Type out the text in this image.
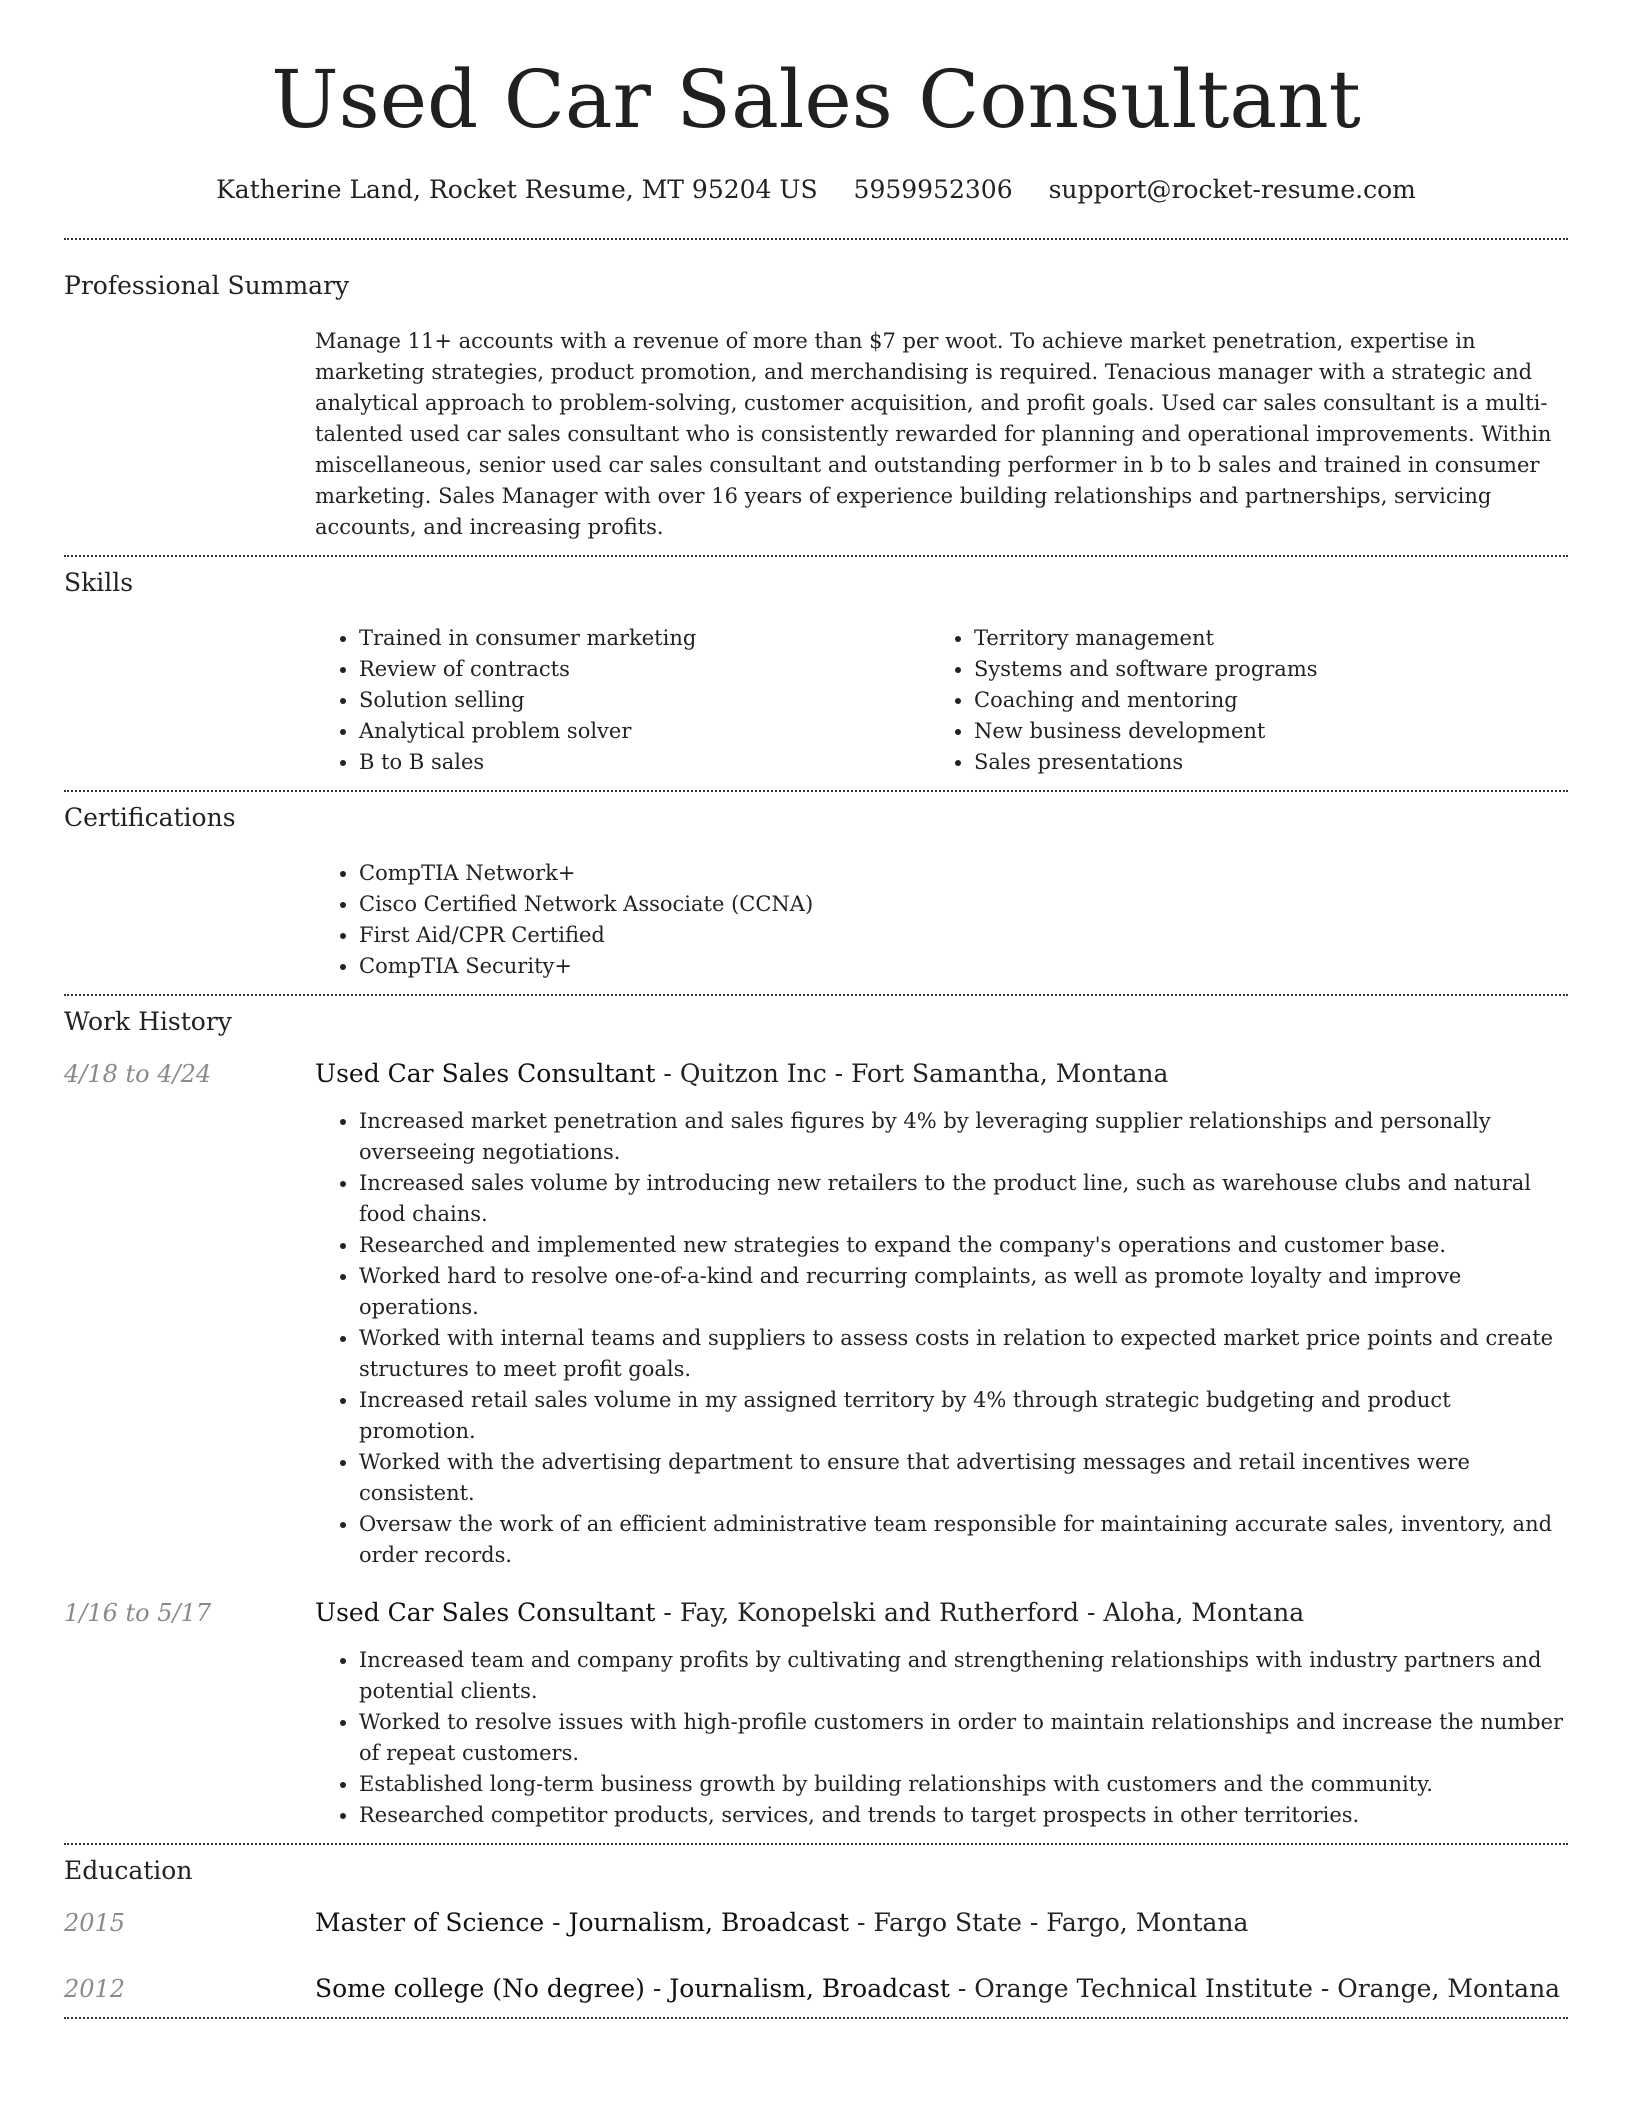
Used Car Sales Consultant
Katherine Land, Rocket Resume, MT 95204 US 5959952306 support@rocket-resume.com
Professional Summary

Manage 11+ accounts with a revenue of more than $7 per woot. To achieve market penetration, expertise in marketing strategies, product promotion, and merchandising is required. Tenacious manager with a strategic and analytical approach to problem-solving, customer acquisition, and profit goals. Used car sales consultant is a multi-talented used car sales consultant who is consistently rewarded for planning and operational improvements. Within miscellaneous, senior used car sales consultant and outstanding performer in b to b sales and trained in consumer marketing. Sales Manager with over 16 years of experience building relationships and partnerships, servicing accounts, and increasing profits.

Skills
• Trained in consumer marketing
• Review of contracts
• Solution selling
• Analytical problem solver
• B to B sales
• Territory management
• Systems and software programs
• Coaching and mentoring
• New business development
• Sales presentations
Certifications
• CompTIA Network+
• Cisco Certified Network Associate (CCNA)
• First Aid/CPR Certified
• CompTIA Security+
Work History
4/18 to 4/24	Used Car Sales Consultant - Quitzon Inc - Fort Samantha, Montana
• Increased market penetration and sales figures by 4% by leveraging supplier relationships and personally overseeing negotiations.
• Increased sales volume by introducing new retailers to the product line, such as warehouse clubs and natural food chains.
• Researched and implemented new strategies to expand the company's operations and customer base.
• Worked hard to resolve one-of-a-kind and recurring complaints, as well as promote loyalty and improve operations.
• Worked with internal teams and suppliers to assess costs in relation to expected market price points and create structures to meet profit goals.
• Increased retail sales volume in my assigned territory by 4% through strategic budgeting and product promotion.
• Worked with the advertising department to ensure that advertising messages and retail incentives were consistent.
• Oversaw the work of an efficient administrative team responsible for maintaining accurate sales, inventory, and order records.
1/16 to 5/17	Used Car Sales Consultant - Fay, Konopelski and Rutherford - Aloha, Montana
• Increased team and company profits by cultivating and strengthening relationships with industry partners and potential clients.
• Worked to resolve issues with high-profile customers in order to maintain relationships and increase the number of repeat customers.
• Established long-term business growth by building relationships with customers and the community.
• Researched competitor products, services, and trends to target prospects in other territories.
Education
2015	Master of Science - Journalism, Broadcast - Fargo State - Fargo, Montana
2012	Some college (No degree) - Journalism, Broadcast - Orange Technical Institute - Orange, Montana
